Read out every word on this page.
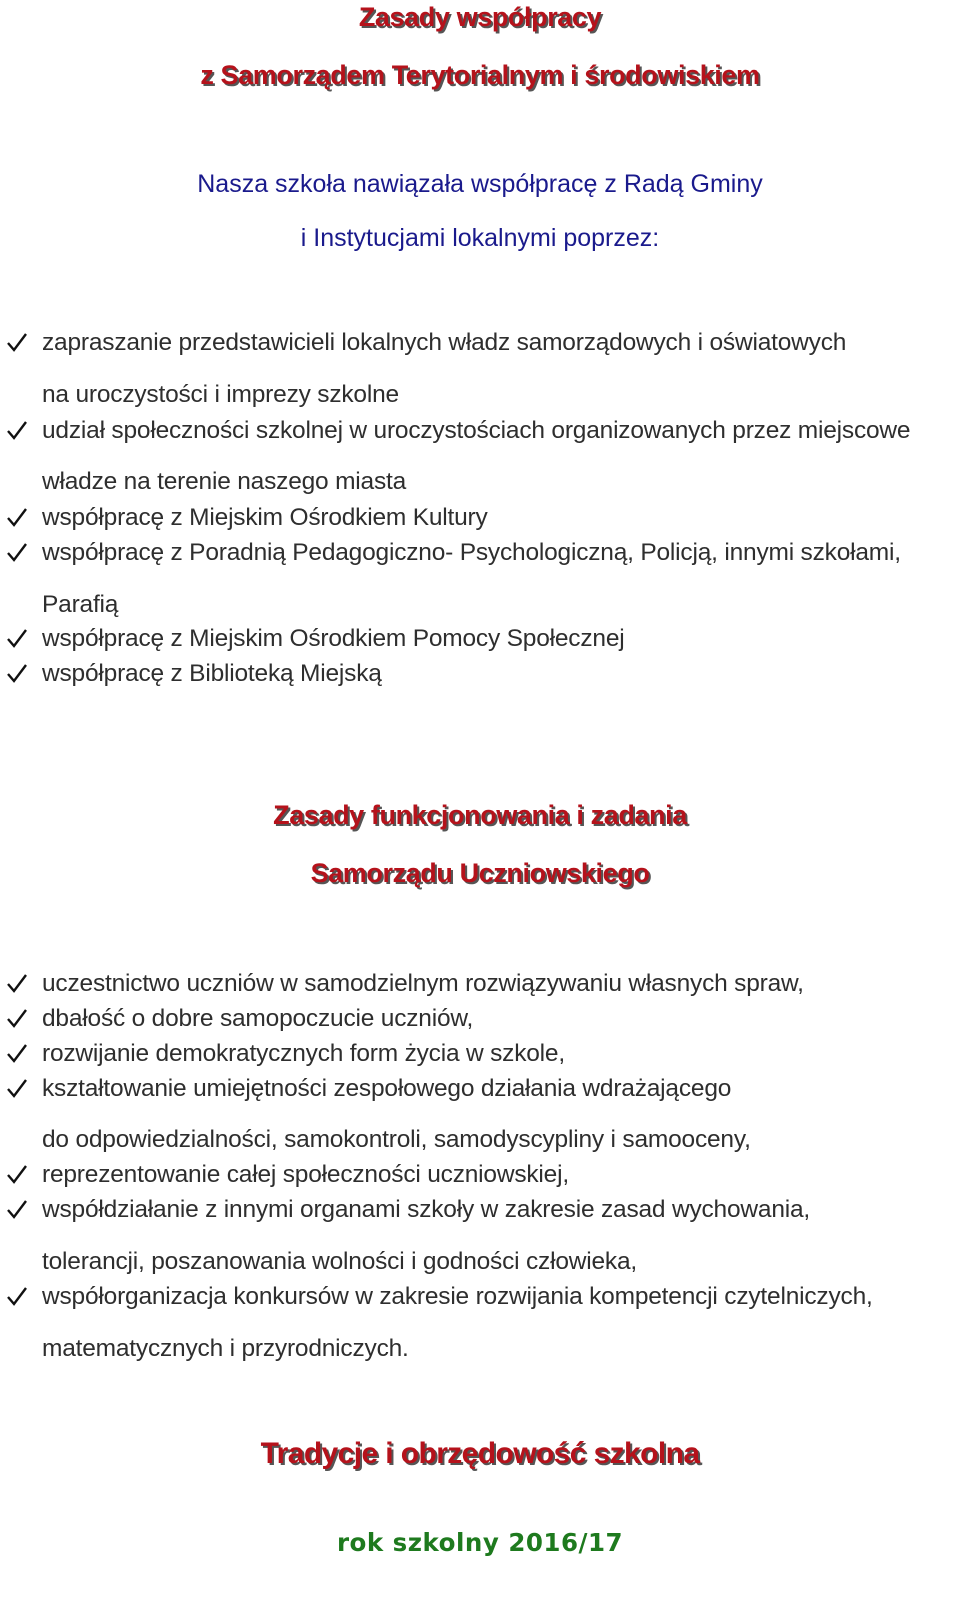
Zasady współpracy
z Samorządem Terytorialnym i środowiskiem
Nasza szkoła nawiązała współpracę z Radą Gminy
i Instytucjami lokalnymi poprzez:
zapraszanie przedstawicieli lokalnych władz samorządowych i oświatowych
na uroczystości i imprezy szkolne
udział społeczności szkolnej w uroczystościach organizowanych przez miejscowe
władze na terenie naszego miasta
współpracę z Miejskim Ośrodkiem Kultury
współpracę z Poradnią Pedagogiczno- Psychologiczną, Policją, innymi szkołami,
Parafią
współpracę z Miejskim Ośrodkiem Pomocy Społecznej
współpracę z Biblioteką Miejską
Zasady funkcjonowania i zadania
Samorządu Uczniowskiego
uczestnictwo uczniów w samodzielnym rozwiązywaniu własnych spraw,
dbałość o dobre samopoczucie uczniów,
rozwijanie demokratycznych form życia w szkole,
kształtowanie umiejętności zespołowego działania wdrażającego
do odpowiedzialności, samokontroli, samodyscypliny i samooceny,
reprezentowanie całej społeczności uczniowskiej,
współdziałanie z innymi organami szkoły w zakresie zasad wychowania,
tolerancji, poszanowania wolności i godności człowieka,
współorganizacja konkursów w zakresie rozwijania kompetencji czytelniczych,
matematycznych i przyrodniczych.
Tradycje i obrzędowość szkolna
rok szkolny 2016/17
